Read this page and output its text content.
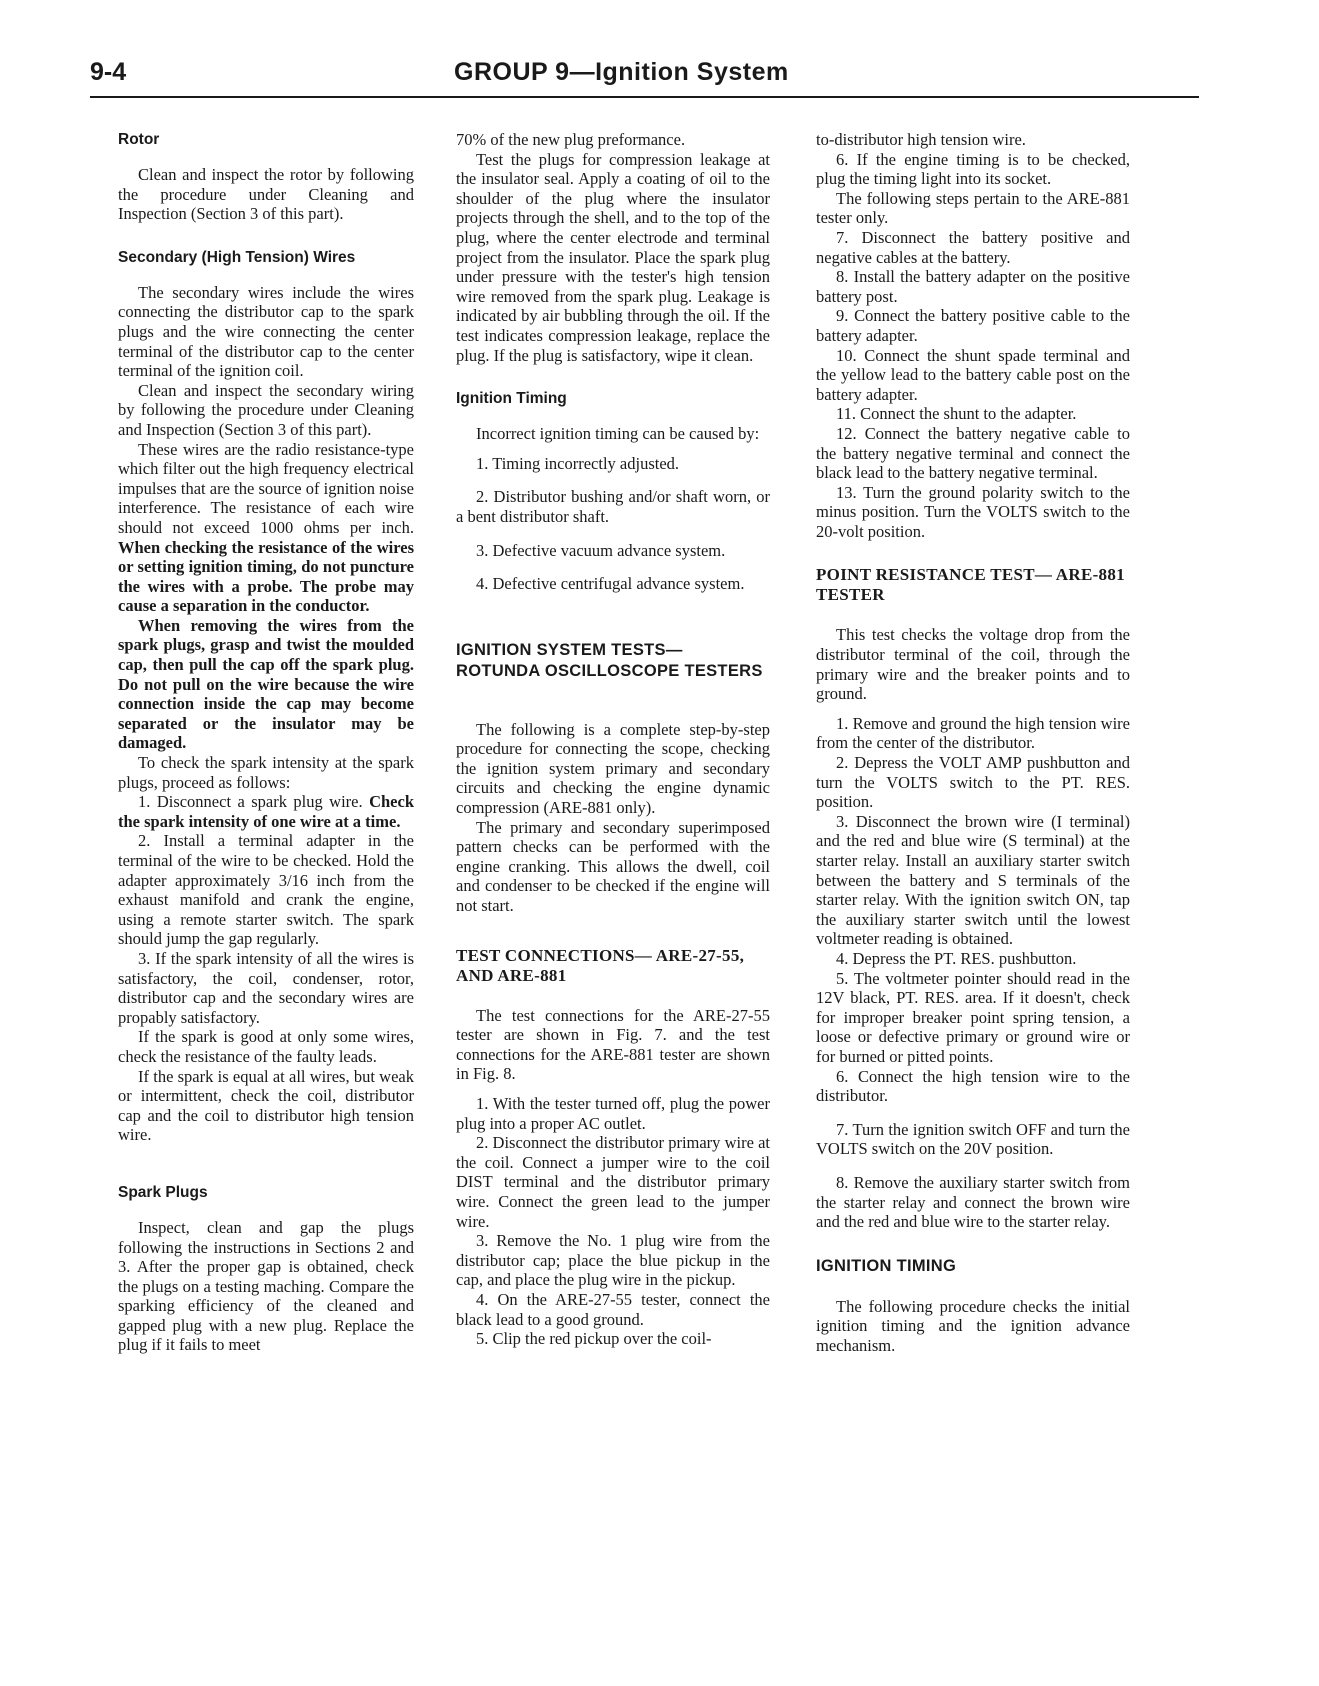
9-4	GROUP 9—Ignition System
Rotor

Clean and inspect the rotor by following the procedure under Cleaning and Inspection (Section 3 of this part).

Secondary (High Tension) Wires

The secondary wires include the wires connecting the distributor cap to the spark plugs and the wire connecting the center terminal of the distributor cap to the center terminal of the ignition coil.

Clean and inspect the secondary wiring by following the procedure under Cleaning and Inspection (Section 3 of this part).

These wires are the radio resistance-type which filter out the high frequency electrical impulses that are the source of ignition noise interference. The resistance of each wire should not exceed 1000 ohms per inch. When checking the resistance of the wires or setting ignition timing, do not puncture the wires with a probe. The probe may cause a separation in the conductor.

When removing the wires from the spark plugs, grasp and twist the moulded cap, then pull the cap off the spark plug. Do not pull on the wire because the wire connection inside the cap may become separated or the insulator may be damaged.

To check the spark intensity at the spark plugs, proceed as follows:

1. Disconnect a spark plug wire. Check the spark intensity of one wire at a time.

2. Install a terminal adapter in the terminal of the wire to be checked. Hold the adapter approximately 3/16 inch from the exhaust manifold and crank the engine, using a remote starter switch. The spark should jump the gap regularly.

3. If the spark intensity of all the wires is satisfactory, the coil, condenser, rotor, distributor cap and the secondary wires are propably satisfactory.

If the spark is good at only some wires, check the resistance of the faulty leads.

If the spark is equal at all wires, but weak or intermittent, check the coil, distributor cap and the coil to distributor high tension wire.

Spark Plugs

Inspect, clean and gap the plugs following the instructions in Sections 2 and 3. After the proper gap is obtained, check the plugs on a testing maching. Compare the sparking efficiency of the cleaned and gapped plug with a new plug. Replace the plug if it fails to meet

70% of the new plug preformance.

Test the plugs for compression leakage at the insulator seal. Apply a coating of oil to the shoulder of the plug where the insulator projects through the shell, and to the top of the plug, where the center electrode and terminal project from the insulator. Place the spark plug under pressure with the tester's high tension wire removed from the spark plug. Leakage is indicated by air bubbling through the oil. If the test indicates compression leakage, replace the plug. If the plug is satisfactory, wipe it clean.

Ignition Timing

Incorrect ignition timing can be caused by:

1. Timing incorrectly adjusted.

2. Distributor bushing and/or shaft worn, or a bent distributor shaft.

3. Defective vacuum advance system.

4. Defective centrifugal advance system.

IGNITION SYSTEM TESTS— ROTUNDA OSCILLOSCOPE TESTERS

The following is a complete step-by-step procedure for connecting the scope, checking the ignition system primary and secondary circuits and checking the engine dynamic compression (ARE-881 only).

The primary and secondary superimposed pattern checks can be performed with the engine cranking. This allows the dwell, coil and condenser to be checked if the engine will not start.

TEST CONNECTIONS— ARE-27-55, AND ARE-881

The test connections for the ARE-27-55 tester are shown in Fig. 7. and the test connections for the ARE-881 tester are shown in Fig. 8.

1. With the tester turned off, plug the power plug into a proper AC outlet.

2. Disconnect the distributor primary wire at the coil. Connect a jumper wire to the coil DIST terminal and the distributor primary wire. Connect the green lead to the jumper wire.

3. Remove the No. 1 plug wire from the distributor cap; place the blue pickup in the cap, and place the plug wire in the pickup.

4. On the ARE-27-55 tester, connect the black lead to a good ground.

5. Clip the red pickup over the coil-

to-distributor high tension wire.

6. If the engine timing is to be checked, plug the timing light into its socket.

The following steps pertain to the ARE-881 tester only.

7. Disconnect the battery positive and negative cables at the battery.

8. Install the battery adapter on the positive battery post.

9. Connect the battery positive cable to the battery adapter.

10. Connect the shunt spade terminal and the yellow lead to the battery cable post on the battery adapter.

11. Connect the shunt to the adapter.

12. Connect the battery negative cable to the battery negative terminal and connect the black lead to the battery negative terminal.

13. Turn the ground polarity switch to the minus position. Turn the VOLTS switch to the 20-volt position.

POINT RESISTANCE TEST— ARE-881 TESTER

This test checks the voltage drop from the distributor terminal of the coil, through the primary wire and the breaker points and to ground.

1. Remove and ground the high tension wire from the center of the distributor.

2. Depress the VOLT AMP pushbutton and turn the VOLTS switch to the PT. RES. position.

3. Disconnect the brown wire (I terminal) and the red and blue wire (S terminal) at the starter relay. Install an auxiliary starter switch between the battery and S terminals of the starter relay. With the ignition switch ON, tap the auxiliary starter switch until the lowest voltmeter reading is obtained.

4. Depress the PT. RES. pushbutton.

5. The voltmeter pointer should read in the 12V black, PT. RES. area. If it doesn't, check for improper breaker point spring tension, a loose or defective primary or ground wire or for burned or pitted points.

6. Connect the high tension wire to the distributor.

7. Turn the ignition switch OFF and turn the VOLTS switch on the 20V position.

8. Remove the auxiliary starter switch from the starter relay and connect the brown wire and the red and blue wire to the starter relay.

IGNITION TIMING

The following procedure checks the initial ignition timing and the ignition advance mechanism.
